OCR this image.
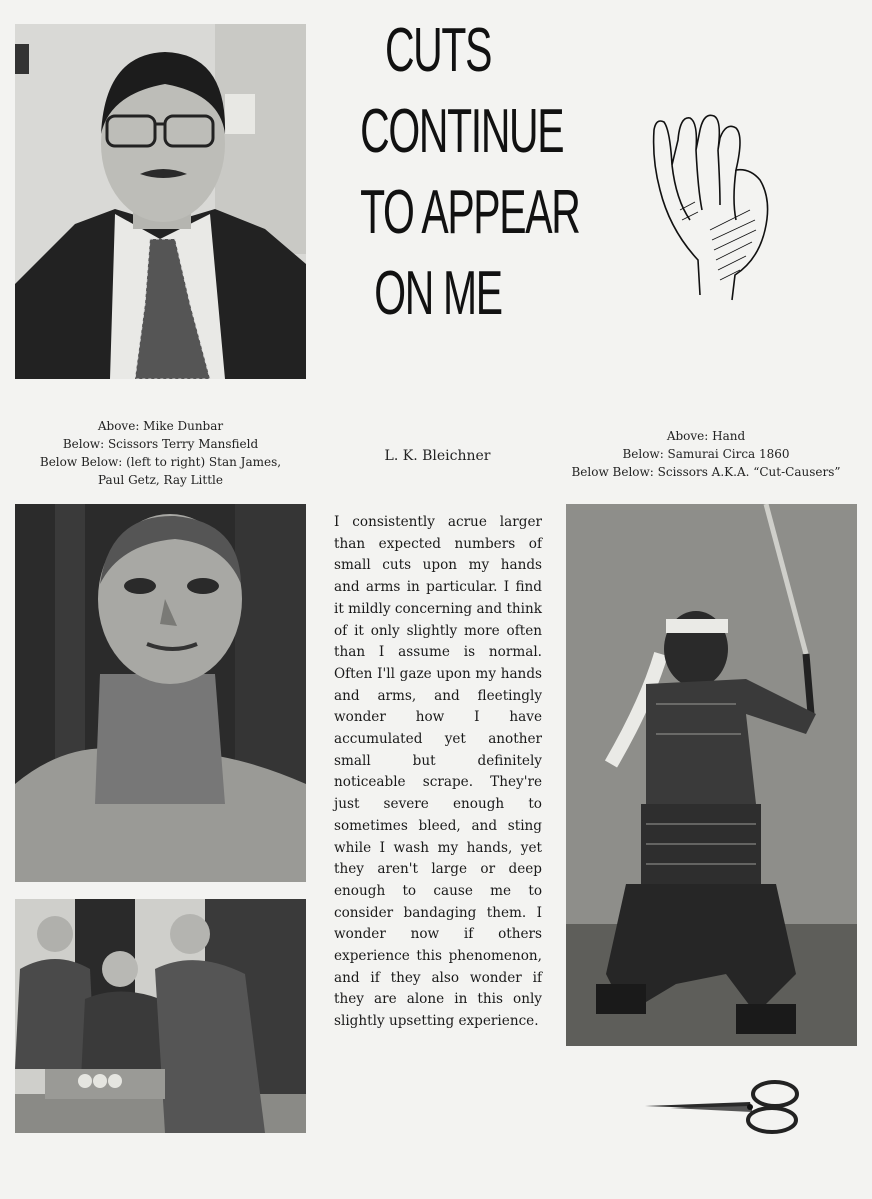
CUTS
CONTINUE
TO APPEAR
ON ME
Above: Mike Dunbar
Below: Scissors Terry Mansfield
Below Below: (left to right) Stan James,
Paul Getz, Ray Little
L. K. Bleichner
Above: Hand
Below: Samurai Circa 1860
Below Below: Scissors A.K.A. “Cut-Causers”
I consistently acrue larger than expected numbers of small cuts upon my hands and arms in particular. I find it mildly concerning and think of it only slightly more often than I assume is normal. Often I'll gaze upon my hands and arms, and fleetingly wonder how I have accumulated yet another small but definitely noticeable scrape. They're just severe enough to sometimes bleed, and sting while I wash my hands, yet they aren't large or deep enough to cause me to consider bandaging them. I wonder now if others experience this phenomenon, and if they also wonder if they are alone in this only slightly upsetting experience.
